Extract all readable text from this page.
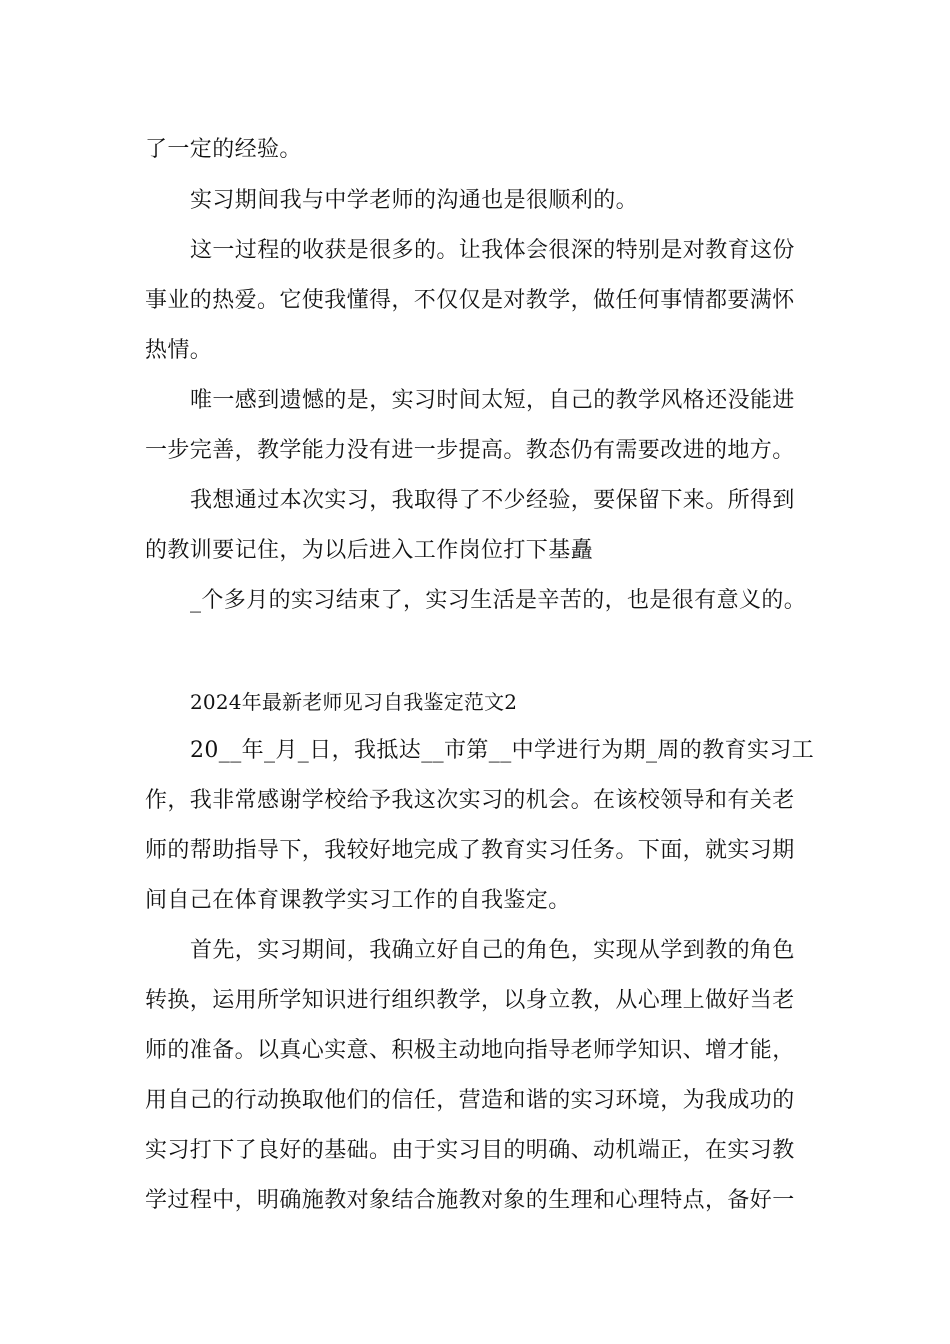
了一定的经验。
实习期间我与中学老师的沟通也是很顺利的。
这一过程的收获是很多的。让我体会很深的特别是对教育这份
事业的热爱。它使我懂得，不仅仅是对教学，做任何事情都要满怀
热情。
唯一感到遗憾的是，实习时间太短，自己的教学风格还没能进
一步完善，教学能力没有进一步提高。教态仍有需要改进的地方。
我想通过本次实习，我取得了不少经验，要保留下来。所得到
的教训要记住，为以后进入工作岗位打下基矗
_个多月的实习结束了，实习生活是辛苦的，也是很有意义的。
2024年最新老师见习自我鉴定范文2
20__年_月_日，我抵达__市第__中学进行为期_周的教育实习工
作，我非常感谢学校给予我这次实习的机会。在该校领导和有关老
师的帮助指导下，我较好地完成了教育实习任务。下面，就实习期
间自己在体育课教学实习工作的自我鉴定。
首先，实习期间，我确立好自己的角色，实现从学到教的角色
转换，运用所学知识进行组织教学，以身立教，从心理上做好当老
师的准备。以真心实意、积极主动地向指导老师学知识、增才能，
用自己的行动换取他们的信任，营造和谐的实习环境，为我成功的
实习打下了良好的基础。由于实习目的明确、动机端正，在实习教
学过程中，明确施教对象结合施教对象的生理和心理特点，备好一
